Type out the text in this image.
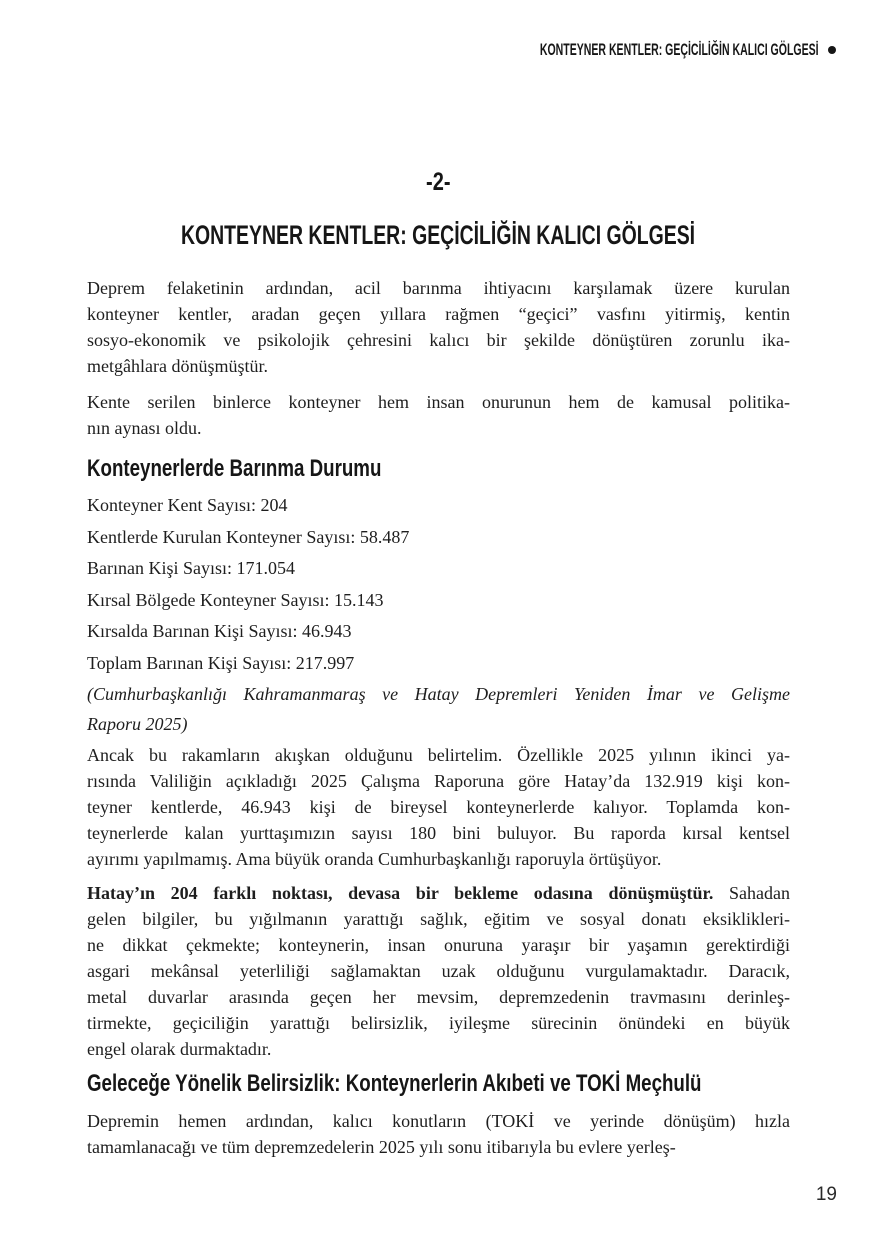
KONTEYNER KENTLER: GEÇİCİLİĞİN KALICI GÖLGESİ
-2-
KONTEYNER KENTLER: GEÇİCİLİĞİN KALICI GÖLGESİ
Deprem felaketinin ardından, acil barınma ihtiyacını karşılamak üzere kurulan
konteyner kentler, aradan geçen yıllara rağmen “geçici” vasfını yitirmiş, kentin
sosyo-ekonomik ve psikolojik çehresini kalıcı bir şekilde dönüştüren zorunlu ika-
metgâhlara dönüşmüştür.
Kente serilen binlerce konteyner hem insan onurunun hem de kamusal politika-
nın aynası oldu.
Konteynerlerde Barınma Durumu
Konteyner Kent Sayısı: 204
Kentlerde Kurulan Konteyner Sayısı: 58.487
Barınan Kişi Sayısı: 171.054
Kırsal Bölgede Konteyner Sayısı: 15.143
Kırsalda Barınan Kişi Sayısı: 46.943
Toplam Barınan Kişi Sayısı: 217.997
(Cumhurbaşkanlığı Kahramanmaraş ve Hatay Depremleri Yeniden İmar ve Gelişme
Raporu 2025)
Ancak bu rakamların akışkan olduğunu belirtelim. Özellikle 2025 yılının ikinci ya-
rısında Valiliğin açıkladığı 2025 Çalışma Raporuna göre Hatay’da 132.919 kişi kon-
teyner kentlerde, 46.943 kişi de bireysel konteynerlerde kalıyor. Toplamda kon-
teynerlerde kalan yurttaşımızın sayısı 180 bini buluyor. Bu raporda kırsal kentsel
ayırımı yapılmamış. Ama büyük oranda Cumhurbaşkanlığı raporuyla örtüşüyor.
Hatay’ın 204 farklı noktası, devasa bir bekleme odasına dönüşmüştür. Sahadan
gelen bilgiler, bu yığılmanın yarattığı sağlık, eğitim ve sosyal donatı eksiklikleri-
ne dikkat çekmekte; konteynerin, insan onuruna yaraşır bir yaşamın gerektirdiği
asgari mekânsal yeterliliği sağlamaktan uzak olduğunu vurgulamaktadır. Daracık,
metal duvarlar arasında geçen her mevsim, depremzedenin travmasını derinleş-
tirmekte, geçiciliğin yarattığı belirsizlik, iyileşme sürecinin önündeki en büyük
engel olarak durmaktadır.
Geleceğe Yönelik Belirsizlik: Konteynerlerin Akıbeti ve TOKİ Meçhulü
Depremin hemen ardından, kalıcı konutların (TOKİ ve yerinde dönüşüm) hızla
tamamlanacağı ve tüm depremzedelerin 2025 yılı sonu itibarıyla bu evlere yerleş-
19
